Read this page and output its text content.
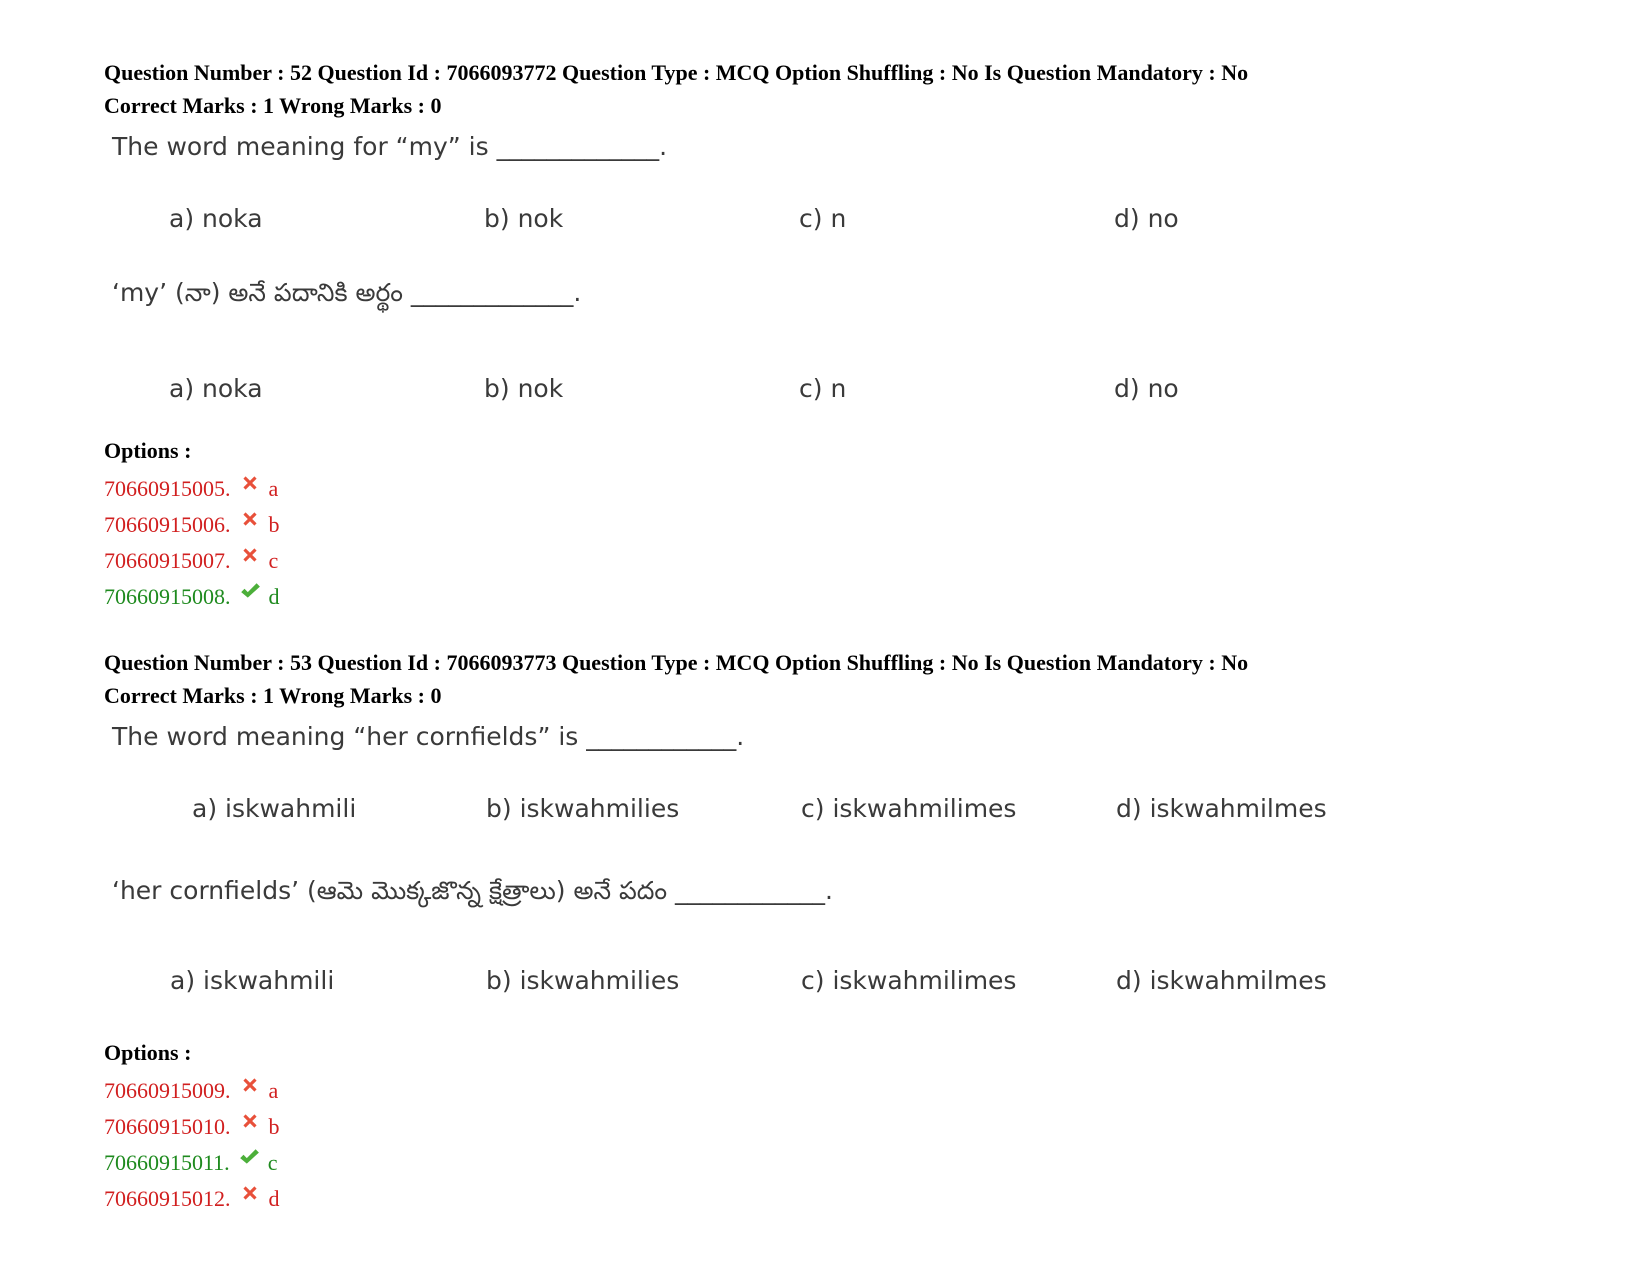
Question Number : 52 Question Id : 7066093772 Question Type : MCQ Option Shuffling : No Is Question Mandatory : No
Correct Marks : 1 Wrong Marks : 0
The word meaning for “my” is _____________.
a) noka	b) nok	c) n	d) no
‘my’ (నా) అనే పదానికి అర్థం _____________.
a) noka	b) nok	c) n	d) no
Options :
70660915005. a
70660915006. b
70660915007. c
70660915008. d
Question Number : 53 Question Id : 7066093773 Question Type : MCQ Option Shuffling : No Is Question Mandatory : No
Correct Marks : 1 Wrong Marks : 0
The word meaning “her cornfields” is ____________.
a) iskwahmili	b) iskwahmilies	c) iskwahmilimes	d) iskwahmilmes
‘her cornfields’ (ఆమె మొక్కజొన్న క్షేత్రాలు) అనే పదం ____________.
a) iskwahmili	b) iskwahmilies	c) iskwahmilimes	d) iskwahmilmes
Options :
70660915009. a
70660915010. b
70660915011. c
70660915012. d
